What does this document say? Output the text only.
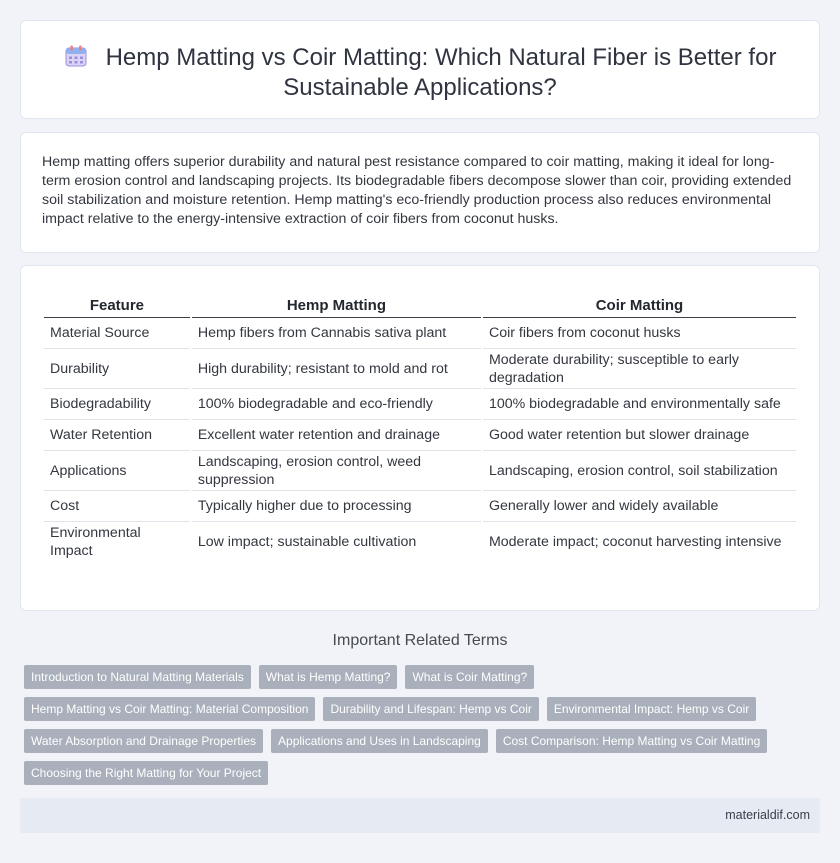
Hemp Matting vs Coir Matting: Which Natural Fiber is Better for Sustainable Applications?

Hemp matting offers superior durability and natural pest resistance compared to coir matting, making it ideal for long-term erosion control and landscaping projects. Its biodegradable fibers decompose slower than coir, providing extended soil stabilization and moisture retention. Hemp matting's eco-friendly production process also reduces environmental impact relative to the energy-intensive extraction of coir fibers from coconut husks.

Feature	Hemp Matting	Coir Matting
Material Source	Hemp fibers from Cannabis sativa plant	Coir fibers from coconut husks
Durability	High durability; resistant to mold and rot	Moderate durability; susceptible to early degradation
Biodegradability	100% biodegradable and eco-friendly	100% biodegradable and environmentally safe
Water Retention	Excellent water retention and drainage	Good water retention but slower drainage
Applications	Landscaping, erosion control, weed suppression	Landscaping, erosion control, soil stabilization
Cost	Typically higher due to processing	Generally lower and widely available
Environmental Impact	Low impact; sustainable cultivation	Moderate impact; coconut harvesting intensive
Important Related Terms
Introduction to Natural Matting Materials	What is Hemp Matting?	What is Coir Matting?
Hemp Matting vs Coir Matting: Material Composition	Durability and Lifespan: Hemp vs Coir	Environmental Impact: Hemp vs Coir
Water Absorption and Drainage Properties	Applications and Uses in Landscaping	Cost Comparison: Hemp Matting vs Coir Matting
Choosing the Right Matting for Your Project
materialdif.com
